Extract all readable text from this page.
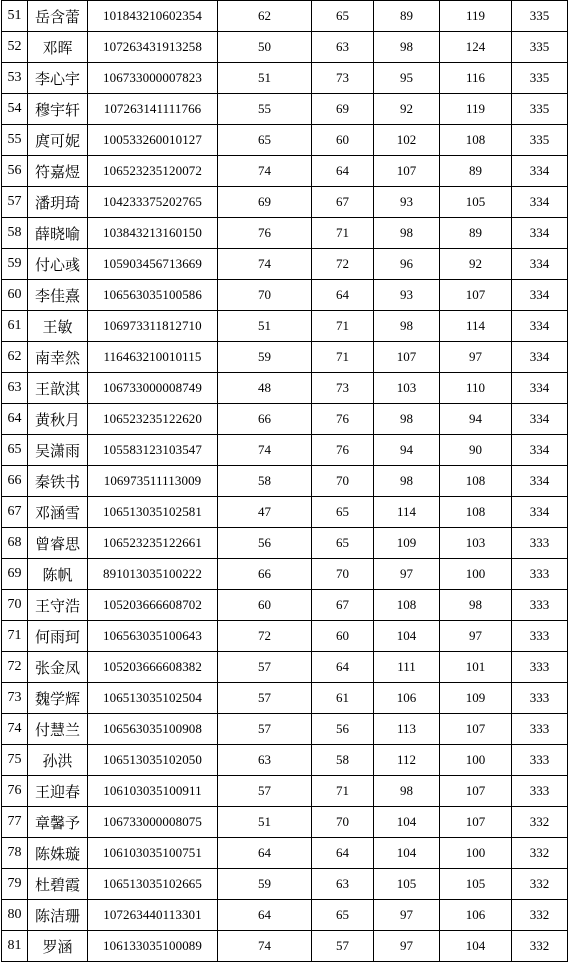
51	岳含蕾	101843210602354	62	65	89	119	335
52	邓晖	107263431913258	50	63	98	124	335
53	李心宇	106733000007823	51	73	95	116	335
54	穆宇轩	107263141111766	55	69	92	119	335
55	庹可妮	100533260010127	65	60	102	108	335
56	符嘉煜	106523235120072	74	64	107	89	334
57	潘玥琦	104233375202765	69	67	93	105	334
58	薛晓喻	103843213160150	76	71	98	89	334
59	付心彧	105903456713669	74	72	96	92	334
60	李佳熹	106563035100586	70	64	93	107	334
61	王敏	106973311812710	51	71	98	114	334
62	南幸然	116463210010115	59	71	107	97	334
63	王歆淇	106733000008749	48	73	103	110	334
64	黄秋月	106523235122620	66	76	98	94	334
65	吴潇雨	105583123103547	74	76	94	90	334
66	秦铁书	106973511113009	58	70	98	108	334
67	邓涵雪	106513035102581	47	65	114	108	334
68	曾睿思	106523235122661	56	65	109	103	333
69	陈帆	891013035100222	66	70	97	100	333
70	王守浩	105203666608702	60	67	108	98	333
71	何雨珂	106563035100643	72	60	104	97	333
72	张金凤	105203666608382	57	64	111	101	333
73	魏学辉	106513035102504	57	61	106	109	333
74	付慧兰	106563035100908	57	56	113	107	333
75	孙洪	106513035102050	63	58	112	100	333
76	王迎春	106103035100911	57	71	98	107	333
77	章馨予	106733000008075	51	70	104	107	332
78	陈姝璇	106103035100751	64	64	104	100	332
79	杜碧霞	106513035102665	59	63	105	105	332
80	陈洁珊	107263440113301	64	65	97	106	332
81	罗涵	106133035100089	74	57	97	104	332
